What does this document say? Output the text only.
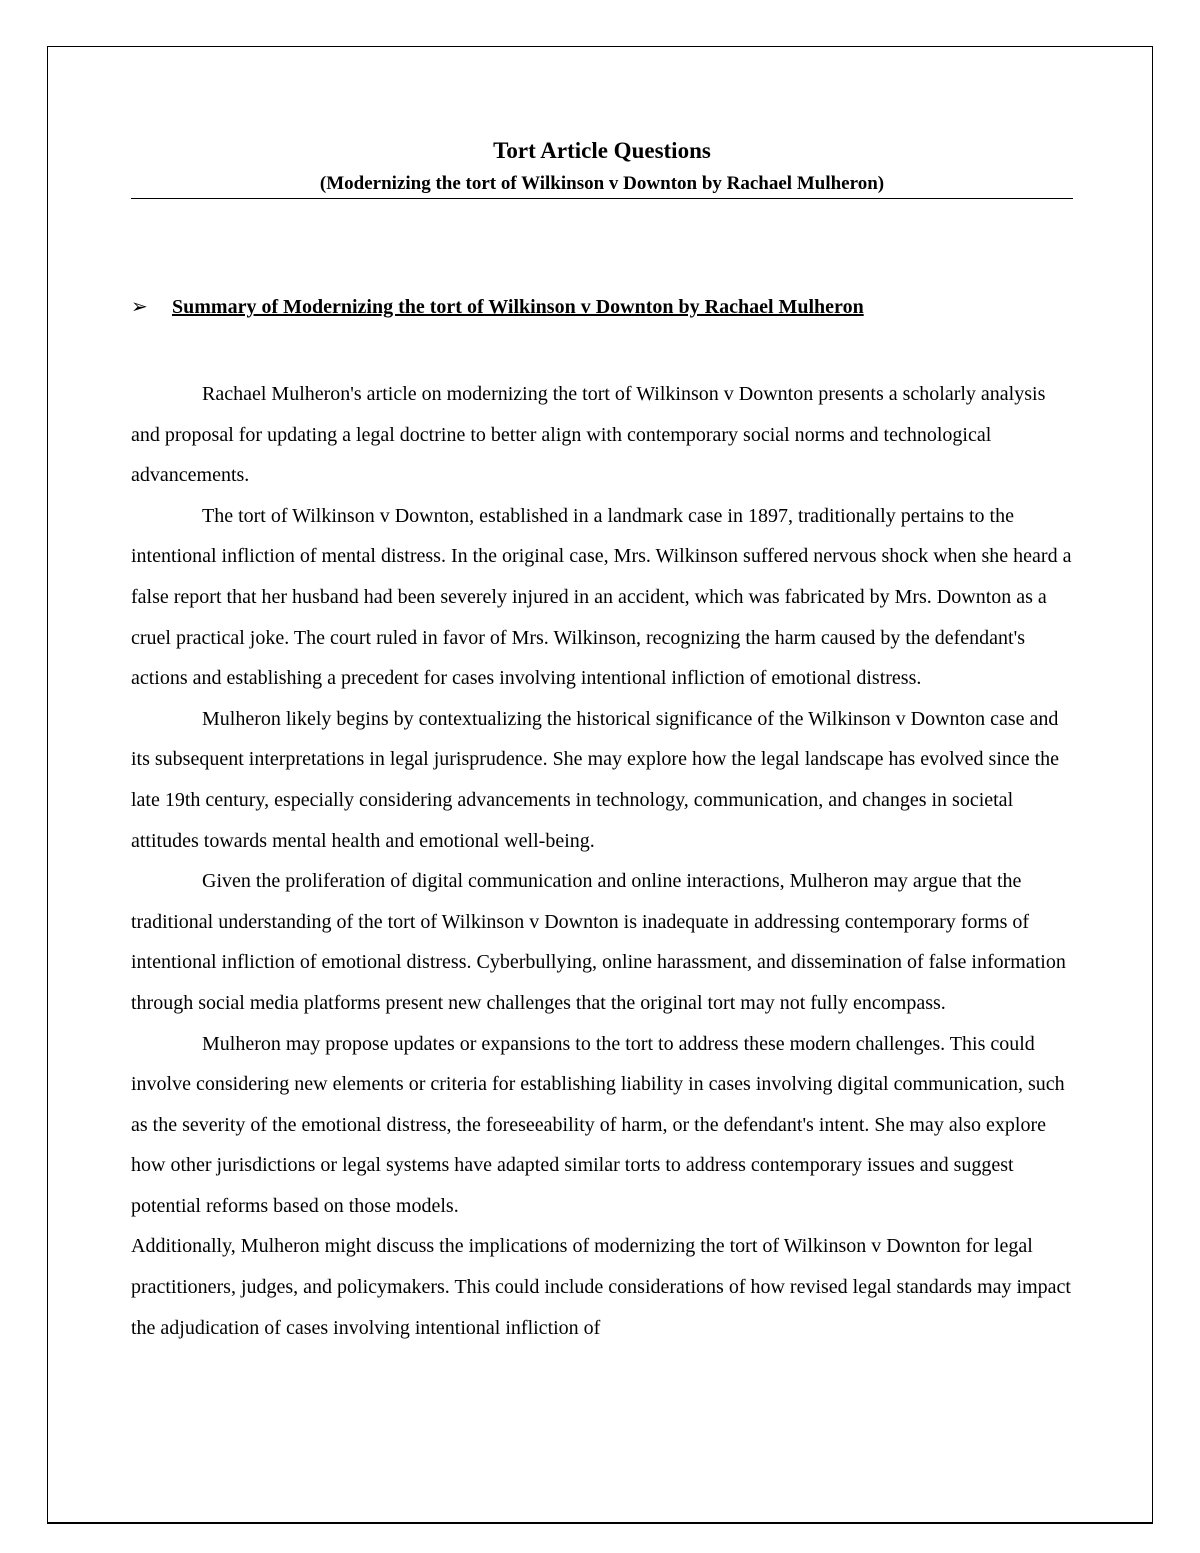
Tort Article Questions
(Modernizing the tort of Wilkinson v Downton by Rachael Mulheron)
➢	Summary of Modernizing the tort of Wilkinson v Downton by Rachael Mulheron

Rachael Mulheron's article on modernizing the tort of Wilkinson v Downton presents a scholarly analysis and proposal for updating a legal doctrine to better align with contemporary social norms and technological advancements.

The tort of Wilkinson v Downton, established in a landmark case in 1897, traditionally pertains to the intentional infliction of mental distress. In the original case, Mrs. Wilkinson suffered nervous shock when she heard a false report that her husband had been severely injured in an accident, which was fabricated by Mrs. Downton as a cruel practical joke. The court ruled in favor of Mrs. Wilkinson, recognizing the harm caused by the defendant's actions and establishing a precedent for cases involving intentional infliction of emotional distress.

Mulheron likely begins by contextualizing the historical significance of the Wilkinson v Downton case and its subsequent interpretations in legal jurisprudence. She may explore how the legal landscape has evolved since the late 19th century, especially considering advancements in technology, communication, and changes in societal attitudes towards mental health and emotional well-being.

Given the proliferation of digital communication and online interactions, Mulheron may argue that the traditional understanding of the tort of Wilkinson v Downton is inadequate in addressing contemporary forms of intentional infliction of emotional distress. Cyberbullying, online harassment, and dissemination of false information through social media platforms present new challenges that the original tort may not fully encompass.

Mulheron may propose updates or expansions to the tort to address these modern challenges. This could involve considering new elements or criteria for establishing liability in cases involving digital communication, such as the severity of the emotional distress, the foreseeability of harm, or the defendant's intent. She may also explore how other jurisdictions or legal systems have adapted similar torts to address contemporary issues and suggest potential reforms based on those models.

Additionally, Mulheron might discuss the implications of modernizing the tort of Wilkinson v Downton for legal practitioners, judges, and policymakers. This could include considerations of how revised legal standards may impact the adjudication of cases involving intentional infliction of
